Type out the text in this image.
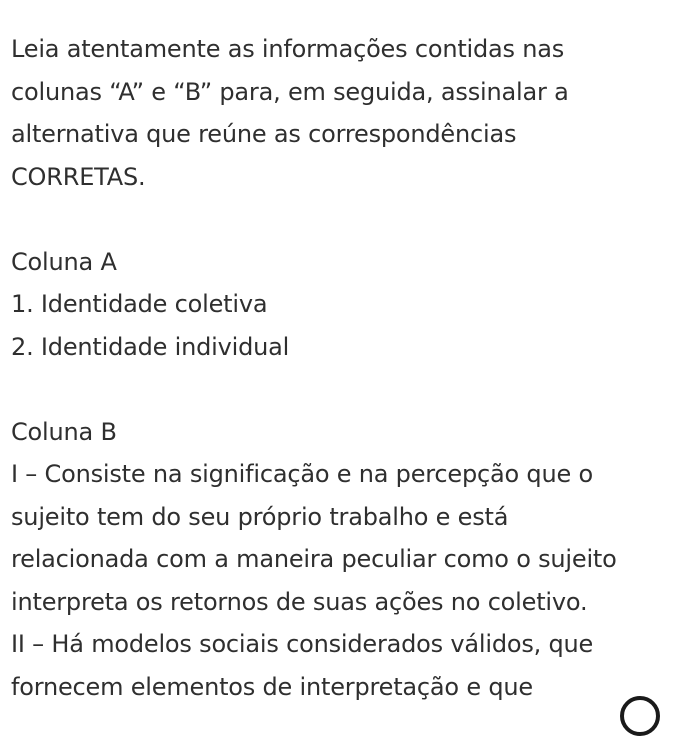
Leia atentamente as informações contidas nas
colunas “A” e “B” para, em seguida, assinalar a
alternativa que reúne as correspondências
CORRETAS.
Coluna A
1. Identidade coletiva
2. Identidade individual
Coluna B
I – Consiste na significação e na percepção que o
sujeito tem do seu próprio trabalho e está
relacionada com a maneira peculiar como o sujeito
interpreta os retornos de suas ações no coletivo.
II – Há modelos sociais considerados válidos, que
fornecem elementos de interpretação e que
